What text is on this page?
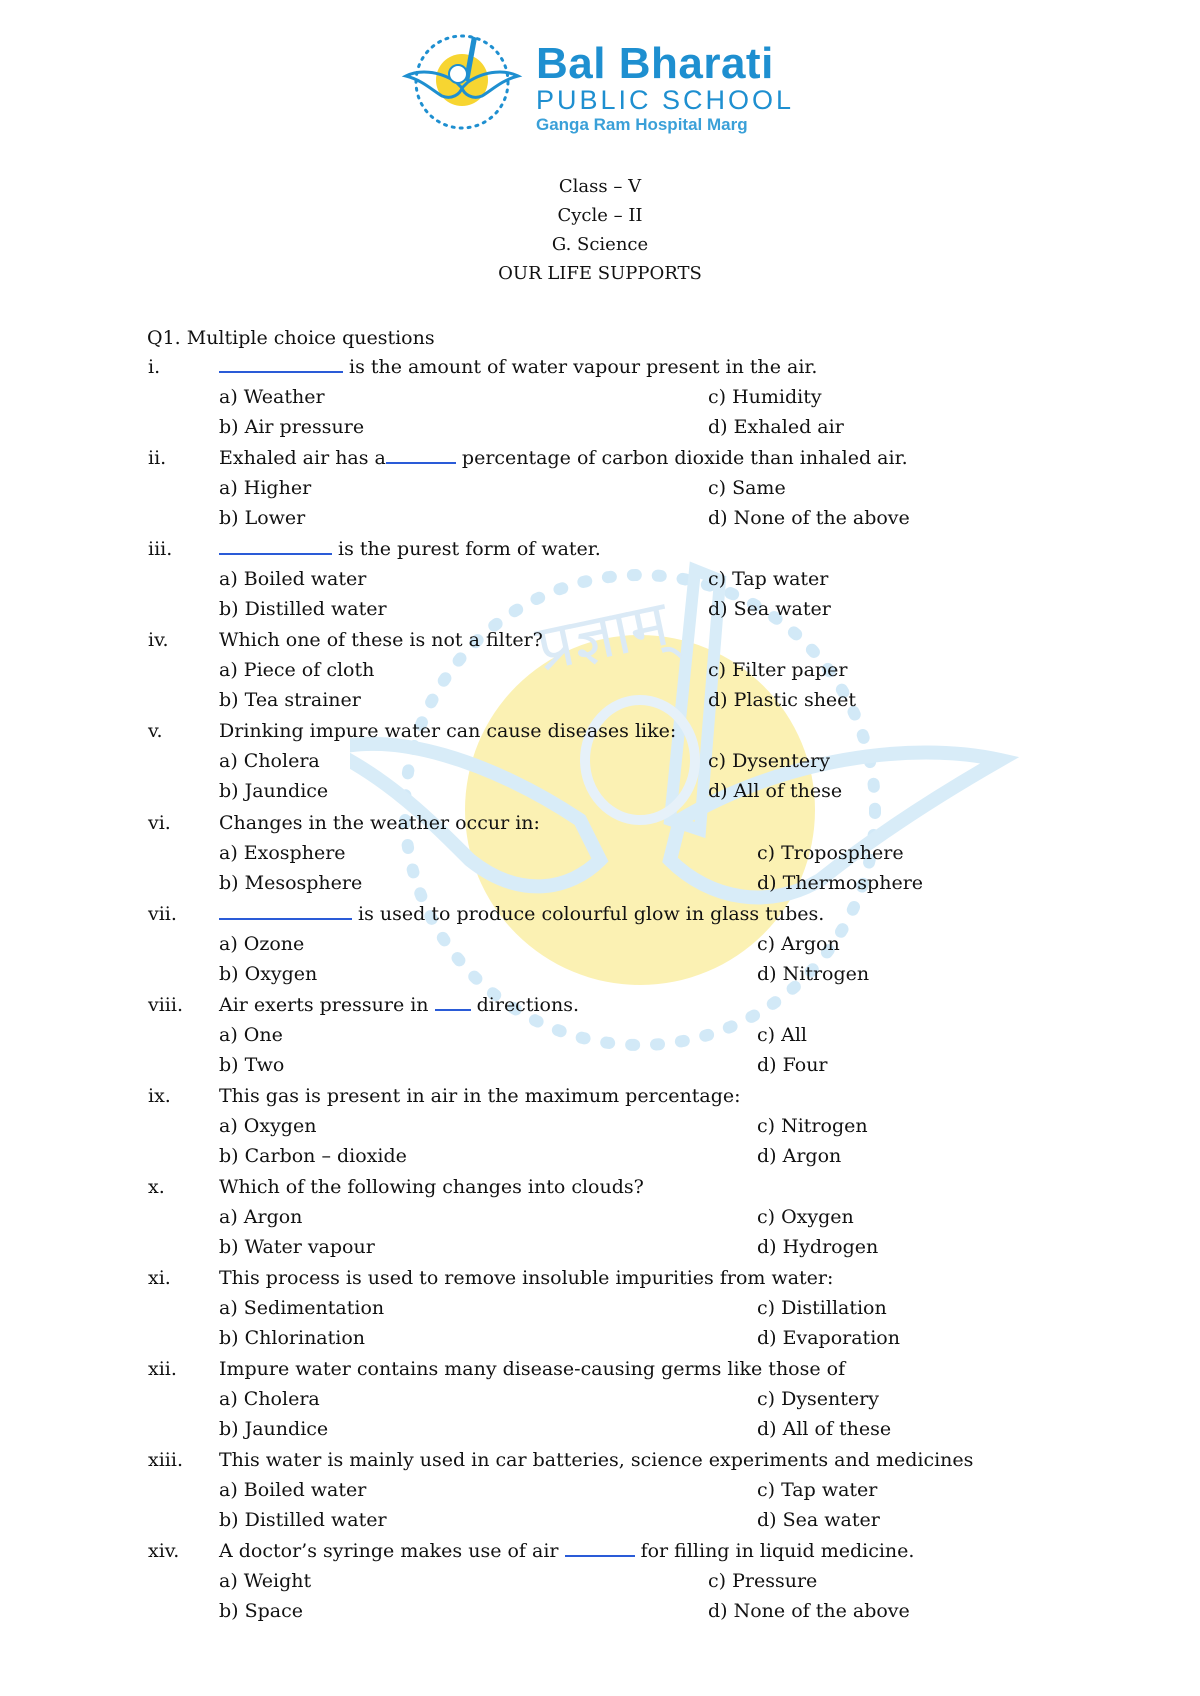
प्रज्ञाम्
Bal Bharati
PUBLIC SCHOOL
Ganga Ram Hospital Marg
Class – V
Cycle – II
G. Science
OUR LIFE SUPPORTS
Q1. Multiple choice questions
i.	is the amount of water vapour present in the air.
a) Weather
b) Air pressure
c) Humidity
d) Exhaled air
ii.	Exhaled air has a	percentage of carbon dioxide than inhaled air.
a) Higher
b) Lower
c) Same
d) None of the above
iii.	is the purest form of water.
a) Boiled water
b) Distilled water
c) Tap water
d) Sea water
iv.	Which one of these is not a filter?
a) Piece of cloth
b) Tea strainer
c) Filter paper
d) Plastic sheet
v.	Drinking impure water can cause diseases like:
a) Cholera
b) Jaundice
c) Dysentery
d) All of these
vi.	Changes in the weather occur in:
a) Exosphere
b) Mesosphere
c) Troposphere
d) Thermosphere
vii.	is used to produce colourful glow in glass tubes.
a) Ozone
b) Oxygen
c) Argon
d) Nitrogen
viii. Air exerts pressure in  directions.
a) One
b) Two
c) All
d) Four
ix.	This gas is present in air in the maximum percentage:
a) Oxygen
b) Carbon – dioxide
c) Nitrogen
d) Argon
x.	Which of the following changes into clouds?
a) Argon
b) Water vapour
c) Oxygen
d) Hydrogen
xi.	This process is used to remove insoluble impurities from water:
a) Sedimentation
b) Chlorination
c) Distillation
d) Evaporation
xii. Impure water contains many disease-causing germs like those of
a) Cholera
b) Jaundice
c) Dysentery
d) All of these
xiii. This water is mainly used in car batteries, science experiments and medicines
a) Boiled water
b) Distilled water
c) Tap water
d) Sea water
xiv. A doctor’s syringe makes use of air	for filling in liquid medicine.
a) Weight
b) Space
c) Pressure
d) None of the above
